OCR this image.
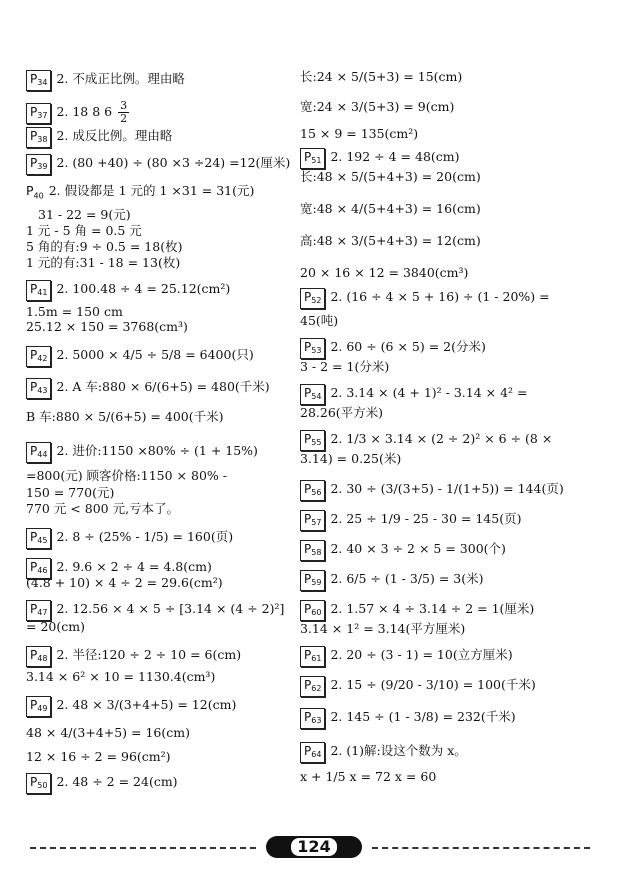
$P_{34}$ 2. 不成正比例。理由略
$P_{37}$ 2. 18 8 $6 \frac{3}{2}$
$P_{38}$ 2. 成反比例。理由略
$P_{39}$ 2. (80 +40) ÷ (80 ×3 ÷24) =12(厘米)
$P_{40}$ 2. 假设都是 1 元的 1 ×31 = 31(元)
31 - 22 = 9(元)
1 元 - 5 角 = 0.5 元
5 角的有:9 ÷ 0.5 = 18(枚)
1 元的有:31 - 18 = 13(枚)
$P_{41}$ 2. 100.48 ÷ 4 = 25.12(cm²)
1.5m = 150 cm
25.12 × 150 = 3768(cm³)
$P_{42}$ 2. 5000 × 4/5 ÷ 5/8 = 6400(只)
$P_{43}$ 2. A 车:880 × 6/(6+5) = 480(千米)
B 车:880 × 5/(6+5) = 400(千米)
$P_{44}$ 2. 进价:1150 ×80% ÷ (1 + 15%)
=800(元) 顾客价格:1150 × 80% -
150 = 770(元)
770 元 < 800 元,亏本了。
$P_{45}$ 2. 8 ÷ (25% - 1/5) = 160(页)
$P_{46}$ 2. 9.6 × 2 ÷ 4 = 4.8(cm)
(4.8 + 10) × 4 ÷ 2 = 29.6(cm²)
$P_{47}$ 2. 12.56 × 4 × 5 ÷ [3.14 × (4 ÷ 2)²]
= 20(cm)
$P_{48}$ 2. 半径:120 ÷ 2 ÷ 10 = 6(cm)
3.14 × 6² × 10 = 1130.4(cm³)
$P_{49}$ 2. 48 × 3/(3+4+5) = 12(cm)
48 × 4/(3+4+5) = 16(cm)
12 × 16 ÷ 2 = 96(cm²)
$P_{50}$ 2. 48 ÷ 2 = 24(cm)
长:24 × 5/(5+3) = 15(cm)
宽:24 × 3/(5+3) = 9(cm)
15 × 9 = 135(cm²)
$P_{51}$ 2. 192 ÷ 4 = 48(cm)
长:48 × 5/(5+4+3) = 20(cm)
宽:48 × 4/(5+4+3) = 16(cm)
高:48 × 3/(5+4+3) = 12(cm)
20 × 16 × 12 = 3840(cm³)
$P_{52}$ 2. (16 ÷ 4 × 5 + 16) ÷ (1 - 20%) =
45(吨)
$P_{53}$ 2. 60 ÷ (6 × 5) = 2(分米)
3 - 2 = 1(分米)
$P_{54}$ 2. 3.14 × (4 + 1)² - 3.14 × 4² =
28.26(平方米)
$P_{55}$ 2. 1/3 × 3.14 × (2 ÷ 2)² × 6 ÷ (8 ×
3.14) = 0.25(米)
$P_{56}$ 2. 30 ÷ (3/(3+5) - 1/(1+5)) = 144(页)
$P_{57}$ 2. 25 ÷ 1/9 - 25 - 30 = 145(页)
$P_{58}$ 2. 40 × 3 ÷ 2 × 5 = 300(个)
$P_{59}$ 2. 6/5 ÷ (1 - 3/5) = 3(米)
$P_{60}$ 2. 1.57 × 4 ÷ 3.14 ÷ 2 = 1(厘米)
3.14 × 1² = 3.14(平方厘米)
$P_{61}$ 2. 20 ÷ (3 - 1) = 10(立方厘米)
$P_{62}$ 2. 15 ÷ (9/20 - 3/10) = 100(千米)
$P_{63}$ 2. 145 ÷ (1 - 3/8) = 232(千米)
$P_{64}$ 2. (1)解:设这个数为 x。
x + 1/5 x = 72 x = 60
124
